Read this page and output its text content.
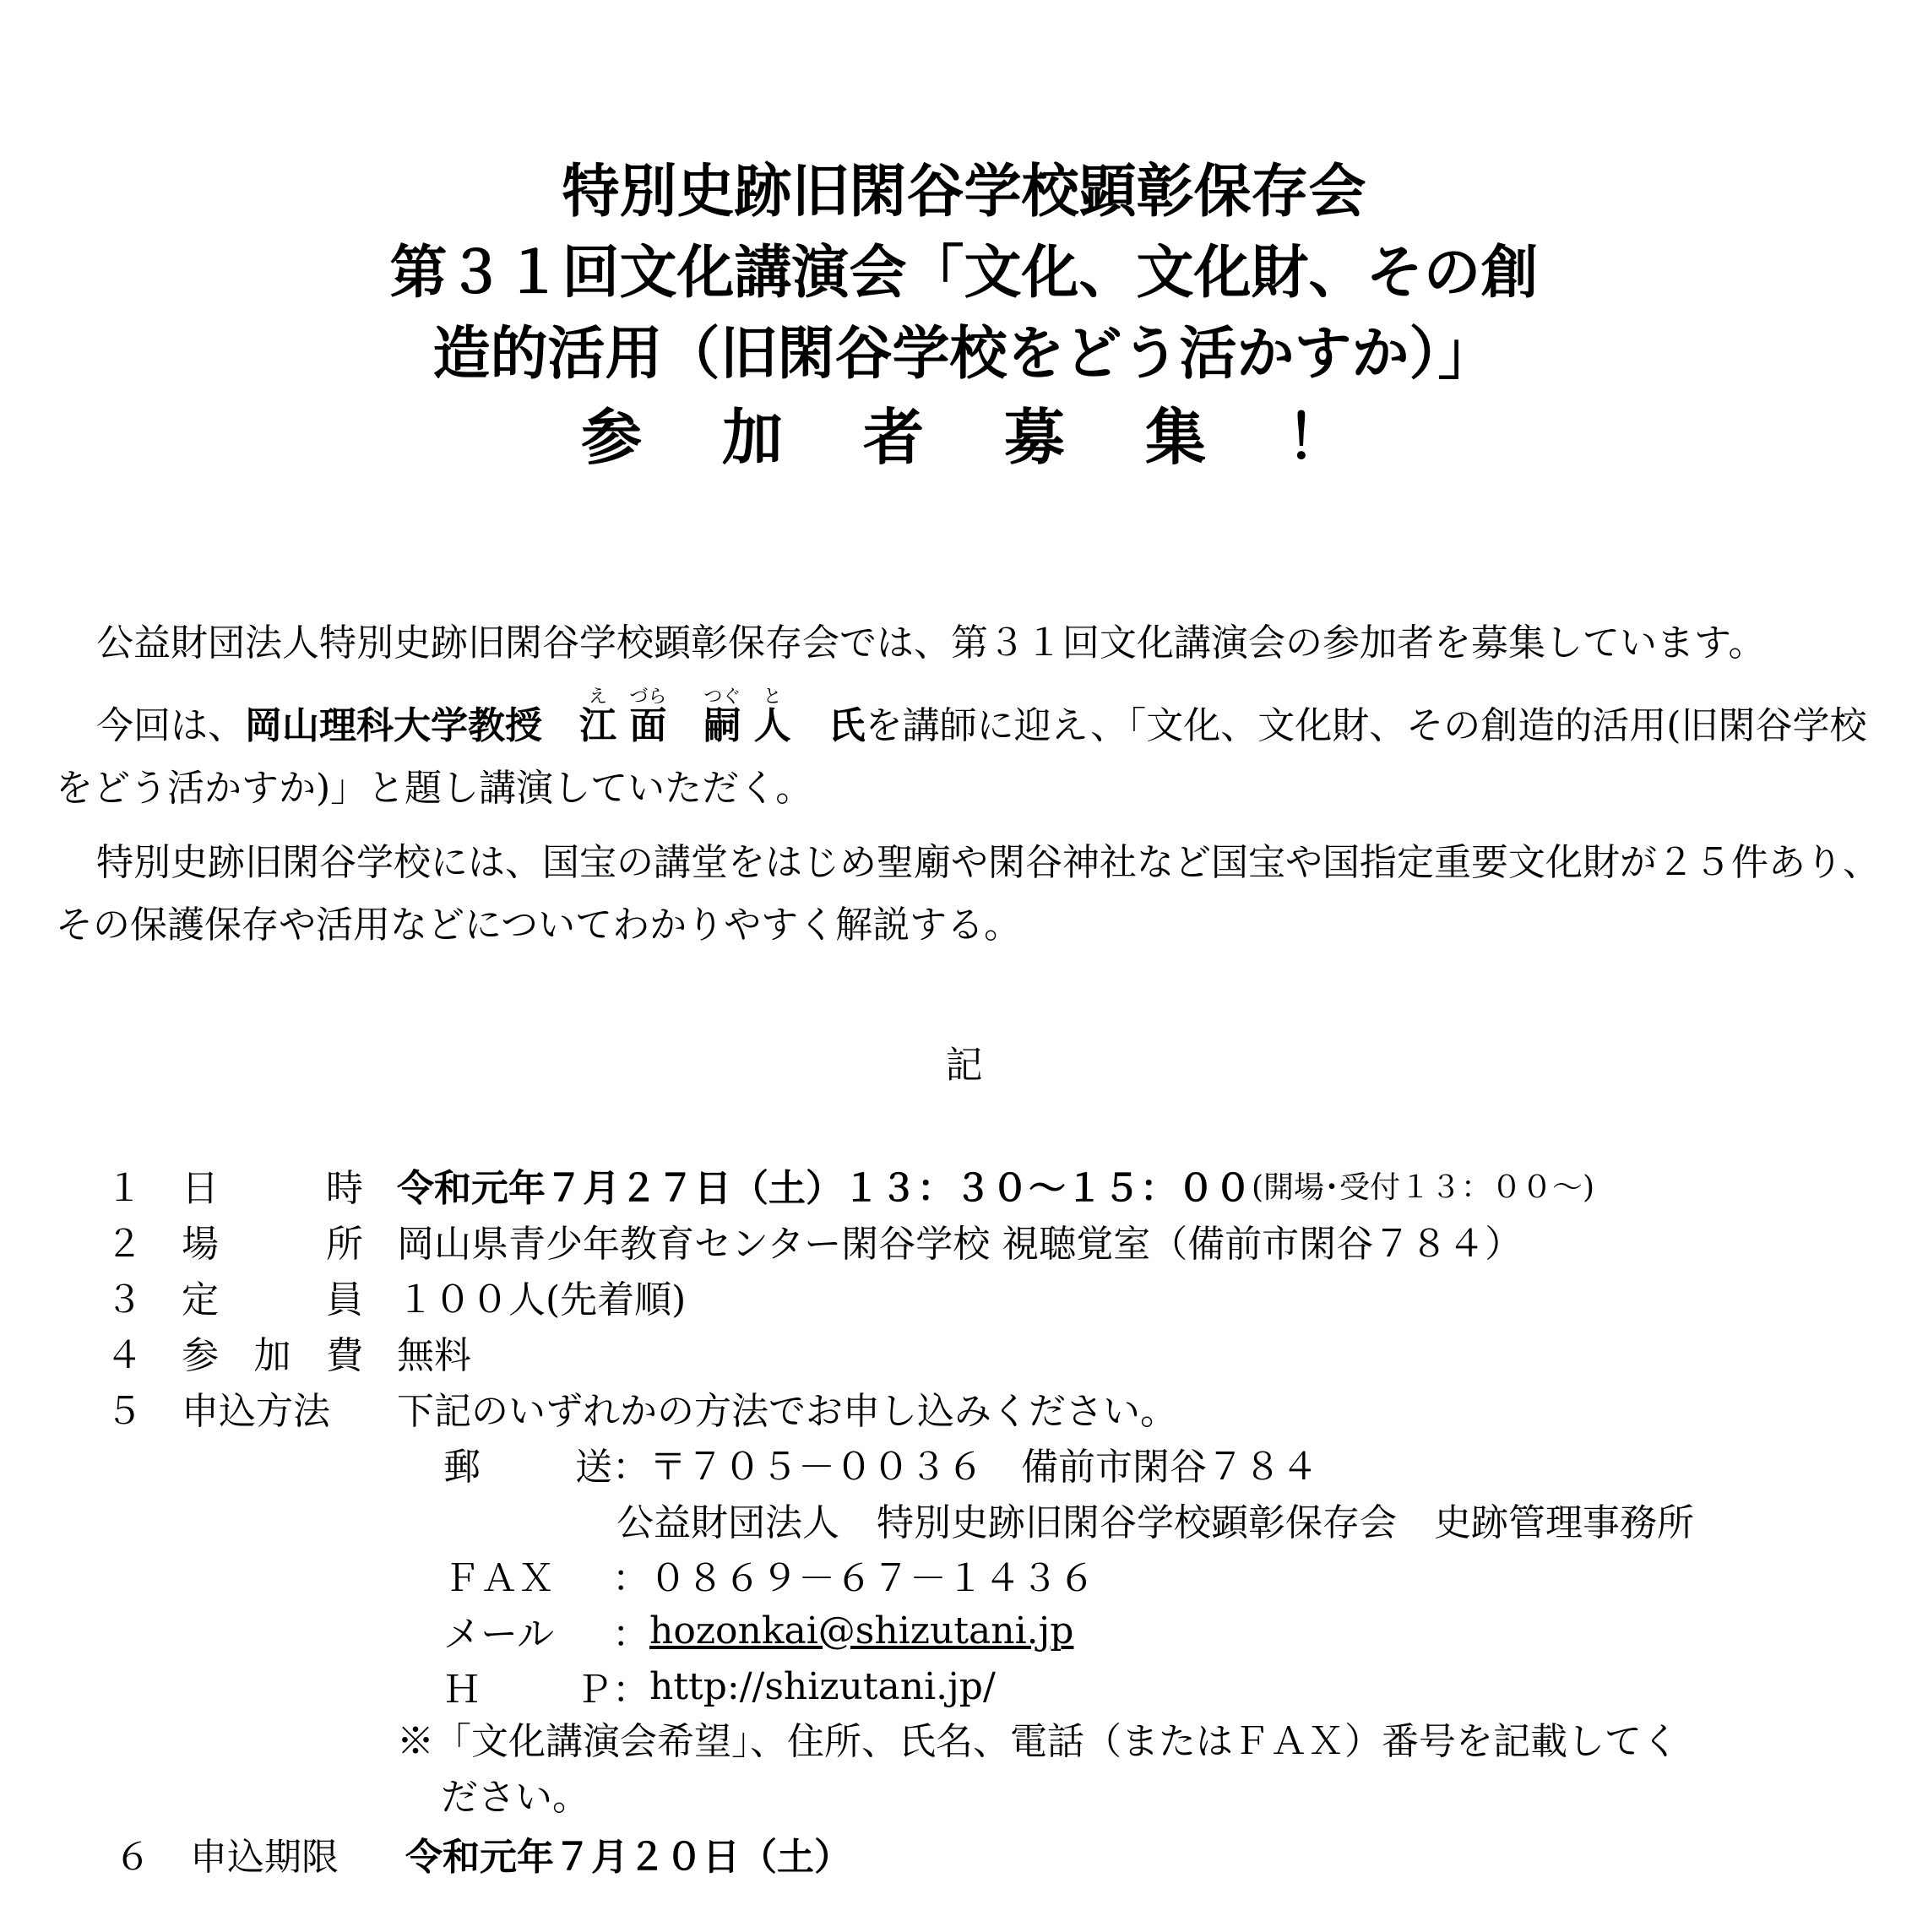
特別史跡旧閑谷学校顕彰保存会
第３１回文化講演会「文化、文化財、その創
造的活用（旧閑谷学校をどう活かすか）」
参 加 者 募 集 ！

公益財団法人特別史跡旧閑谷学校顕彰保存会では、第３１回文化講演会の参加者を募集しています。

今回は、岡山理科大学教授　 江え 面づら　嗣つぐ 人と　氏を講師に迎え、「文化、文化財、その創造的活用(旧閑谷学校をどう活かすか)」と題し講演していただく。

特別史跡旧閑谷学校には、国宝の講堂をはじめ聖廟や閑谷神社など国宝や国指定重要文化財が２５件あり、その保護保存や活用などについてわかりやすく解説する。

記
１	日	時 令和元年７月２７日（土）１３：３０〜１５：００ (開場･受付１３：００〜)
２	場	所 岡山県青少年教育センター閑谷学校 視聴覚室（備前市閑谷７８４）
３	定	員 １００人(先着順)
４	参 加 費 無料
５	申込方法 下記のいずれかの方法でお申し込みください。
郵	送 ：〒７０５－００３６　備前市閑谷７８４
公益財団法人　特別史跡旧閑谷学校顕彰保存会　史跡管理事務所
ＦＡＸ ：０８６９－６７－１４３６
メール ： hozonkai@shizutani.jp
Ｈ	Ｐ ： http://shizutani.jp/
※「文化講演会希望」、住所、氏名、電話（またはＦＡＸ）番号を記載してく
ださい。
６	申込期限 令和元年７月２０日（土）
